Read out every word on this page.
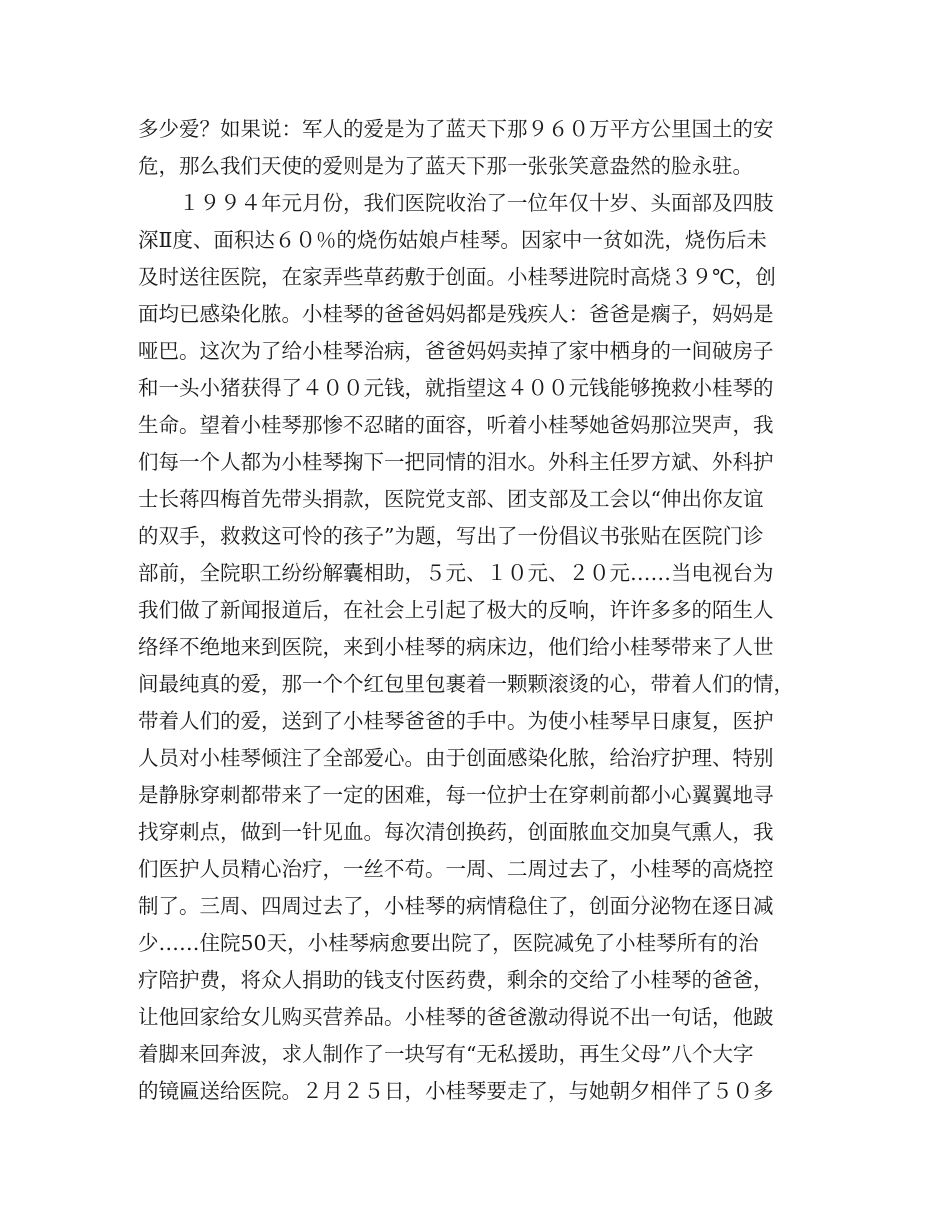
多少爱？如果说：军人的爱是为了蓝天下那９６０万平方公里国土的安
危，那么我们天使的爱则是为了蓝天下那一张张笑意盎然的脸永驻。
　　１９９４年元月份，我们医院收治了一位年仅十岁、头面部及四肢
深Ⅱ度、面积达６０％的烧伤姑娘卢桂琴。因家中一贫如洗，烧伤后未
及时送往医院，在家弄些草药敷于创面。小桂琴进院时高烧３９℃，创
面均已感染化脓。小桂琴的爸爸妈妈都是残疾人：爸爸是瘸子，妈妈是
哑巴。这次为了给小桂琴治病，爸爸妈妈卖掉了家中栖身的一间破房子
和一头小猪获得了４００元钱，就指望这４００元钱能够挽救小桂琴的
生命。望着小桂琴那惨不忍睹的面容，听着小桂琴她爸妈那泣哭声，我
们每一个人都为小桂琴掬下一把同情的泪水。外科主任罗方斌、外科护
士长蒋四梅首先带头捐款，医院党支部、团支部及工会以“伸出你友谊
的双手，救救这可怜的孩子”为题，写出了一份倡议书张贴在医院门诊
部前，全院职工纷纷解囊相助，５元、１０元、２０元……当电视台为
我们做了新闻报道后，在社会上引起了极大的反响，许许多多的陌生人
络绎不绝地来到医院，来到小桂琴的病床边，他们给小桂琴带来了人世
间最纯真的爱，那一个个红包里包裹着一颗颗滚烫的心，带着人们的情，
带着人们的爱，送到了小桂琴爸爸的手中。为使小桂琴早日康复，医护
人员对小桂琴倾注了全部爱心。由于创面感染化脓，给治疗护理、特别
是静脉穿刺都带来了一定的困难，每一位护士在穿刺前都小心翼翼地寻
找穿刺点，做到一针见血。每次清创换药，创面脓血交加臭气熏人，我
们医护人员精心治疗，一丝不苟。一周、二周过去了，小桂琴的高烧控
制了。三周、四周过去了，小桂琴的病情稳住了，创面分泌物在逐日减
少……住院50天，小桂琴病愈要出院了，医院减免了小桂琴所有的治
疗陪护费，将众人捐助的钱支付医药费，剩余的交给了小桂琴的爸爸，
让他回家给女儿购买营养品。小桂琴的爸爸激动得说不出一句话，他跛
着脚来回奔波，求人制作了一块写有“无私援助，再生父母”八个大字
的镜匾送给医院。２月２５日，小桂琴要走了，与她朝夕相伴了５０多
